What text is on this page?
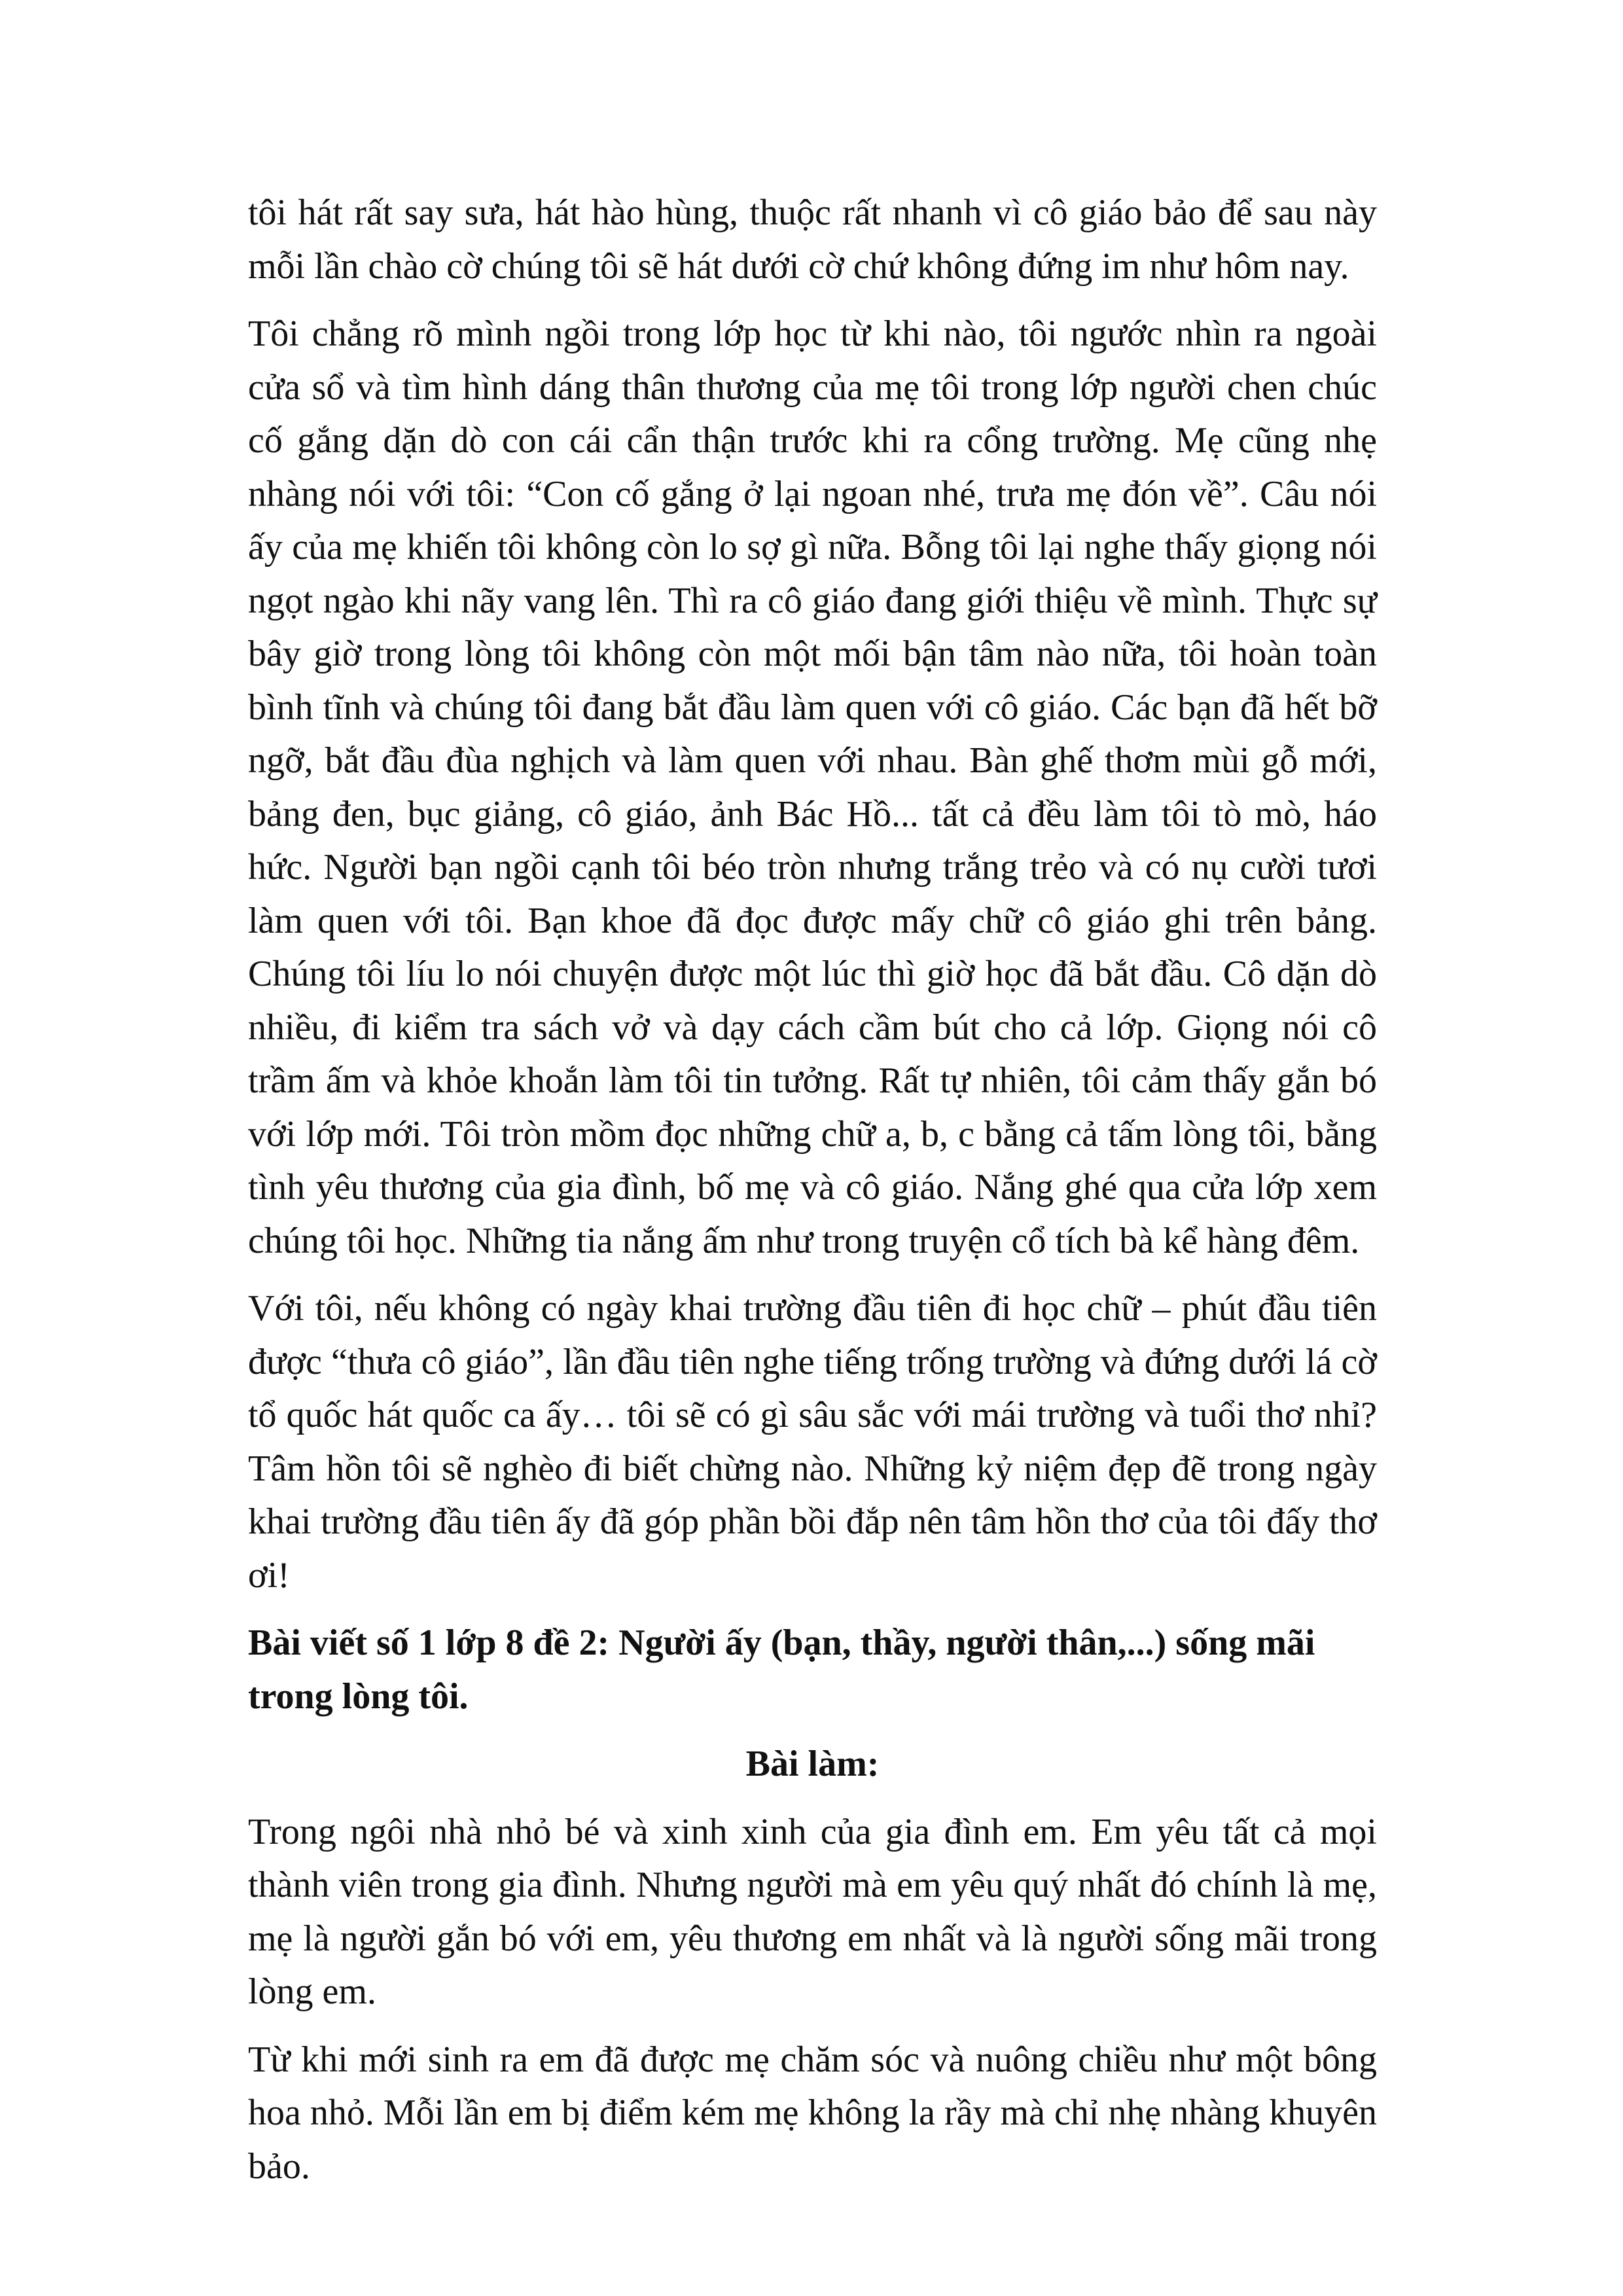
tôi hát rất say sưa, hát hào hùng, thuộc rất nhanh vì cô giáo bảo để sau này mỗi lần chào cờ chúng tôi sẽ hát dưới cờ chứ không đứng im như hôm nay.

Tôi chẳng rõ mình ngồi trong lớp học từ khi nào, tôi ngước nhìn ra ngoài cửa sổ và tìm hình dáng thân thương của mẹ tôi trong lớp người chen chúc cố gắng dặn dò con cái cẩn thận trước khi ra cổng trường. Mẹ cũng nhẹ nhàng nói với tôi: “Con cố gắng ở lại ngoan nhé, trưa mẹ đón về”. Câu nói ấy của mẹ khiến tôi không còn lo sợ gì nữa. Bỗng tôi lại nghe thấy giọng nói ngọt ngào khi nãy vang lên. Thì ra cô giáo đang giới thiệu về mình. Thực sự bây giờ trong lòng tôi không còn một mối bận tâm nào nữa, tôi hoàn toàn bình tĩnh và chúng tôi đang bắt đầu làm quen với cô giáo. Các bạn đã hết bỡ ngỡ, bắt đầu đùa nghịch và làm quen với nhau. Bàn ghế thơm mùi gỗ mới, bảng đen, bục giảng, cô giáo, ảnh Bác Hồ... tất cả đều làm tôi tò mò, háo hức. Người bạn ngồi cạnh tôi béo tròn nhưng trắng trẻo và có nụ cười tươi làm quen với tôi. Bạn khoe đã đọc được mấy chữ cô giáo ghi trên bảng. Chúng tôi líu lo nói chuyện được một lúc thì giờ học đã bắt đầu. Cô dặn dò nhiều, đi kiểm tra sách vở và dạy cách cầm bút cho cả lớp. Giọng nói cô trầm ấm và khỏe khoắn làm tôi tin tưởng. Rất tự nhiên, tôi cảm thấy gắn bó với lớp mới. Tôi tròn mồm đọc những chữ a, b, c bằng cả tấm lòng tôi, bằng tình yêu thương của gia đình, bố mẹ và cô giáo. Nắng ghé qua cửa lớp xem chúng tôi học. Những tia nắng ấm như trong truyện cổ tích bà kể hàng đêm.

Với tôi, nếu không có ngày khai trường đầu tiên đi học chữ – phút đầu tiên được “thưa cô giáo”, lần đầu tiên nghe tiếng trống trường và đứng dưới lá cờ tổ quốc hát quốc ca ấy… tôi sẽ có gì sâu sắc với mái trường và tuổi thơ nhỉ? Tâm hồn tôi sẽ nghèo đi biết chừng nào. Những kỷ niệm đẹp đẽ trong ngày khai trường đầu tiên ấy đã góp phần bồi đắp nên tâm hồn thơ của tôi đấy thơ ơi!

Bài viết số 1 lớp 8 đề 2: Người ấy (bạn, thầy, người thân,...) sống mãi trong lòng tôi.

Bài làm:

Trong ngôi nhà nhỏ bé và xinh xinh của gia đình em. Em yêu tất cả mọi thành viên trong gia đình. Nhưng người mà em yêu quý nhất đó chính là mẹ, mẹ là người gắn bó với em, yêu thương em nhất và là người sống mãi trong lòng em.

Từ khi mới sinh ra em đã được mẹ chăm sóc và nuông chiều như một bông hoa nhỏ. Mỗi lần em bị điểm kém mẹ không la rầy mà chỉ nhẹ nhàng khuyên bảo.
